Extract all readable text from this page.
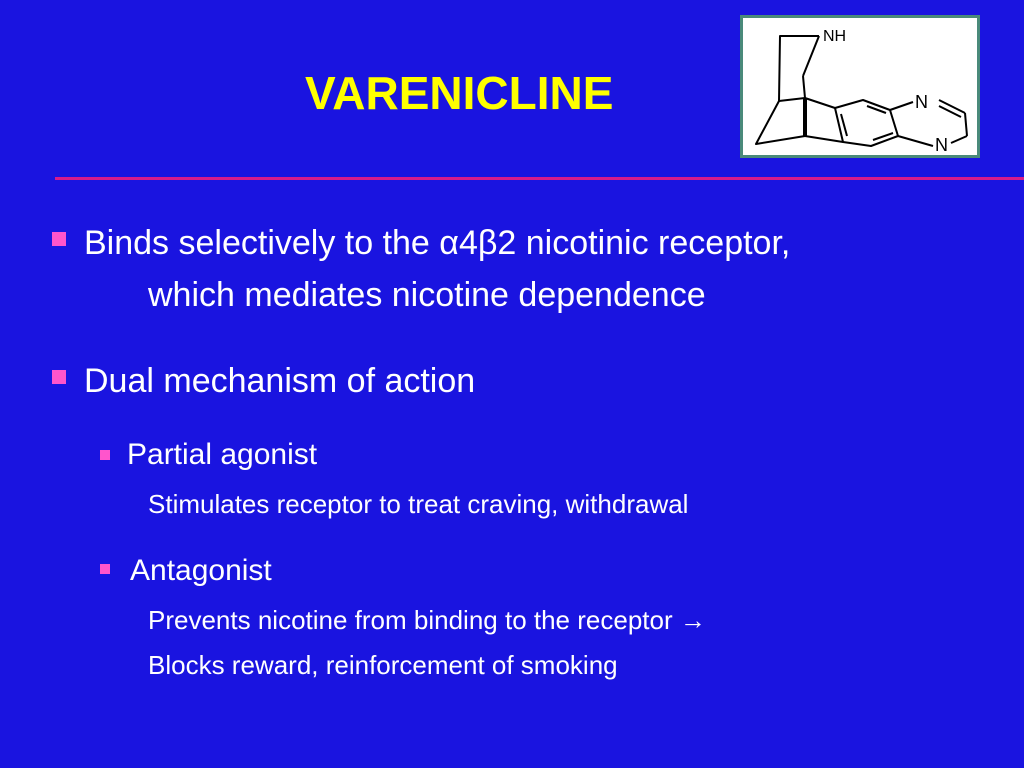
VARENICLINE
NH
N
N
Binds selectively to the α4β2 nicotinic receptor,
which mediates nicotine dependence
Dual mechanism of action
Partial agonist
Stimulates receptor to treat craving, withdrawal
Antagonist
Prevents nicotine from binding to the receptor →
Blocks reward, reinforcement of smoking
